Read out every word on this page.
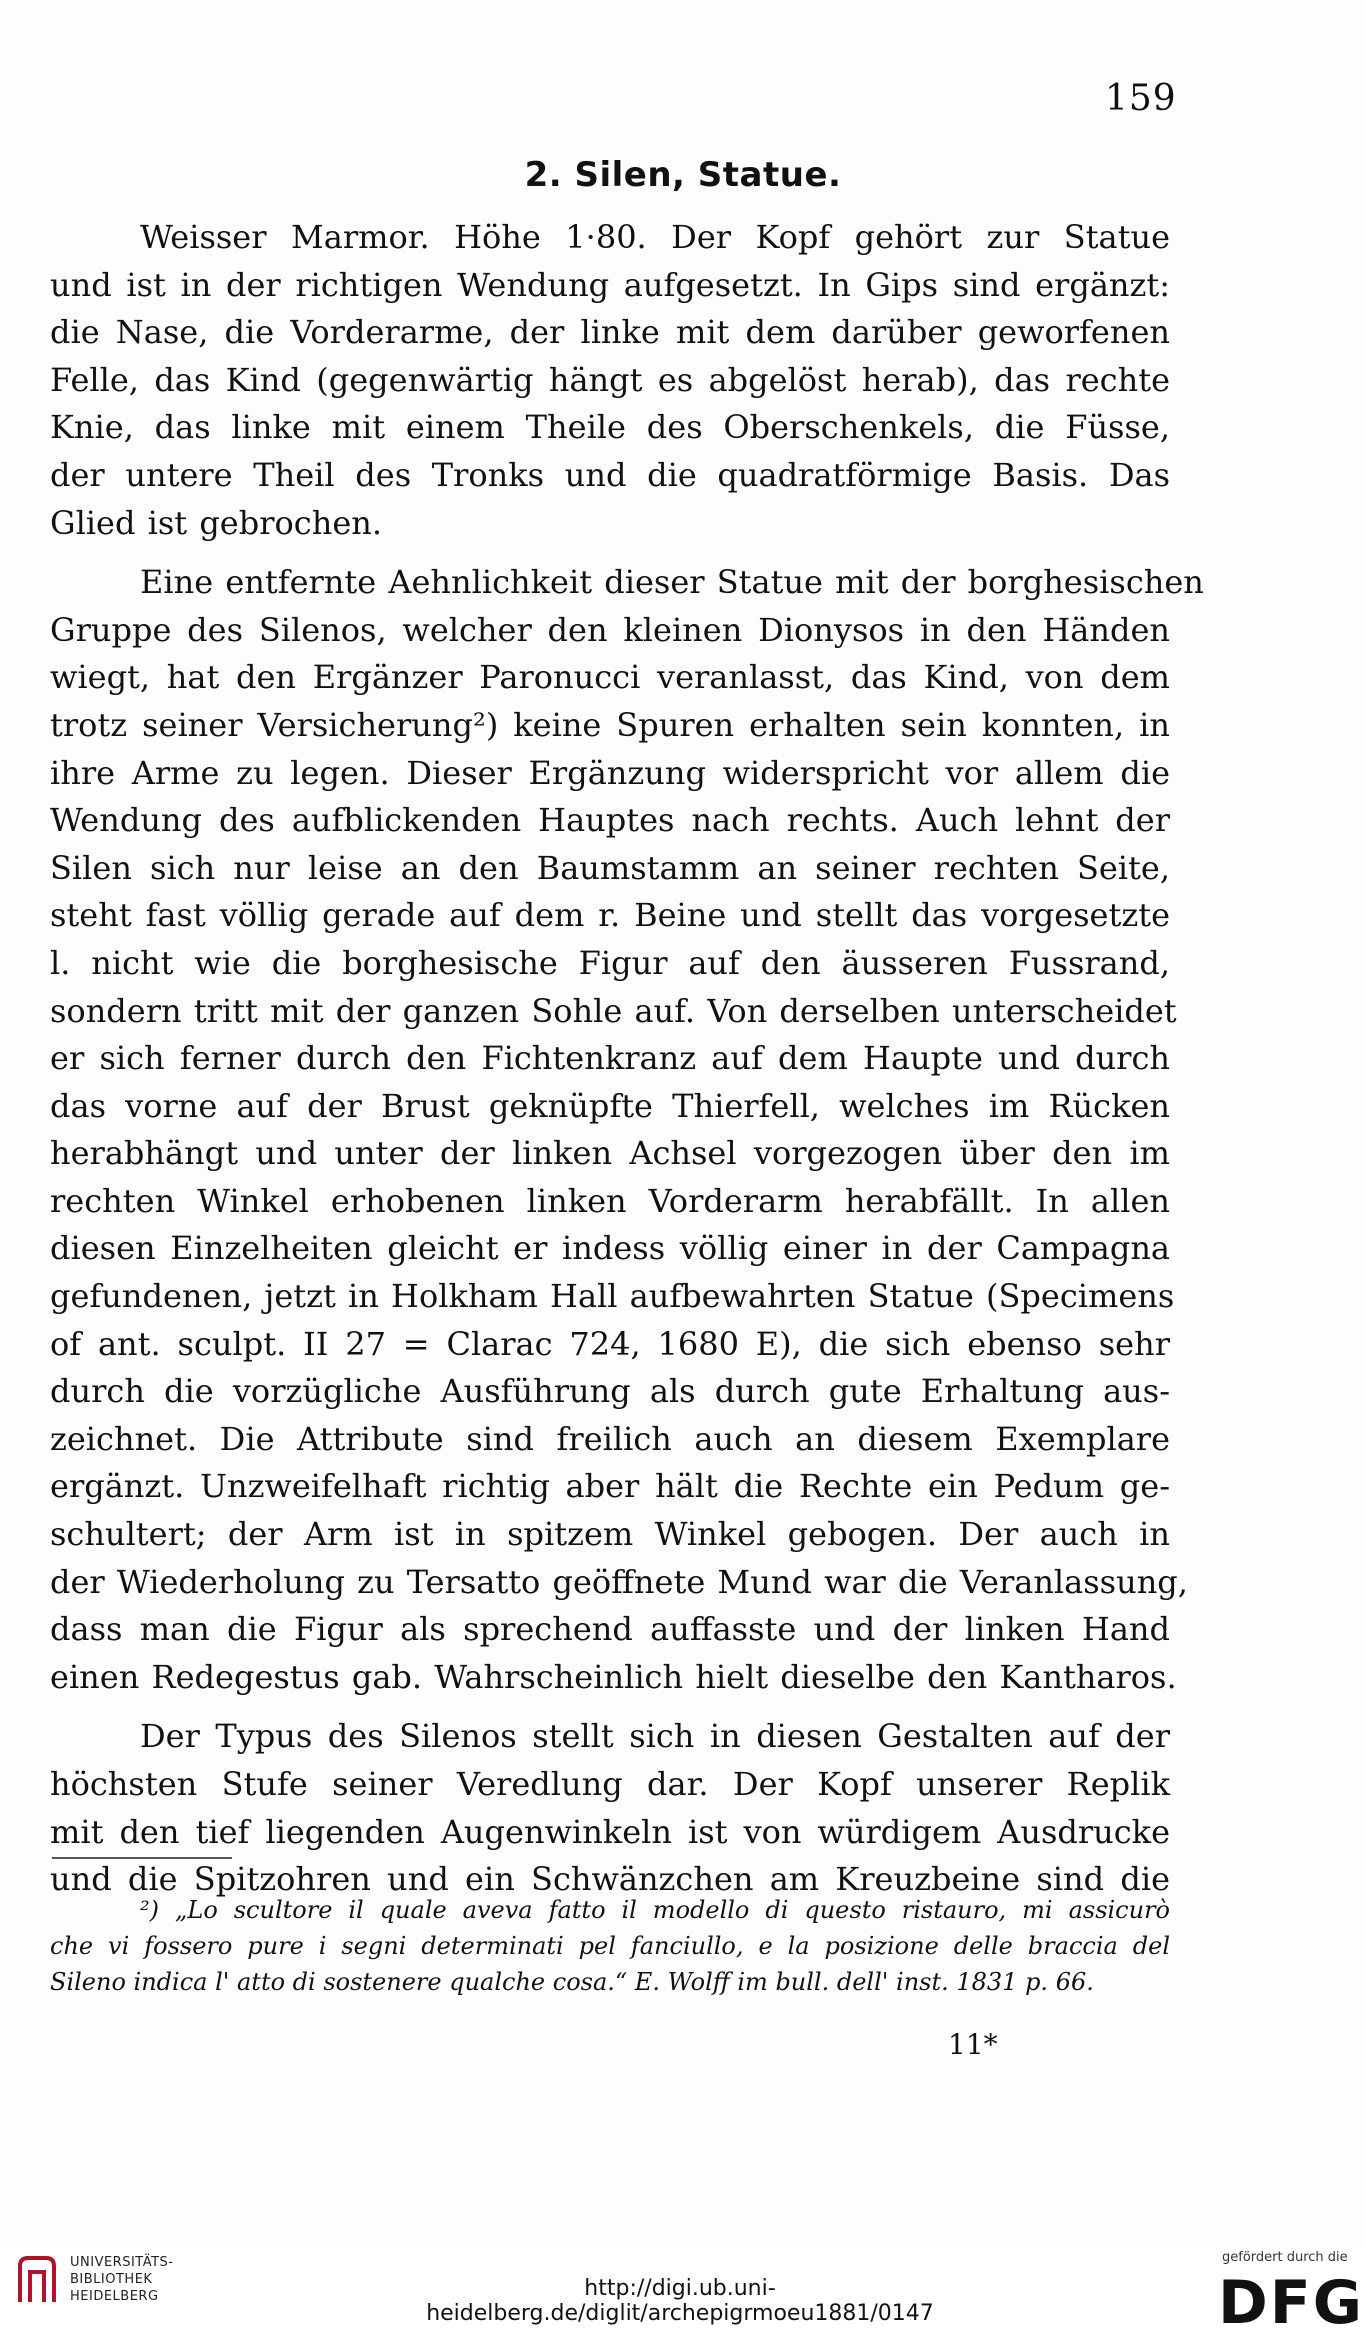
159
2. Silen, Statue.
Weisser Marmor. Höhe 1·80. Der Kopf gehört zur Statue
und ist in der richtigen Wendung aufgesetzt. In Gips sind ergänzt:
die Nase, die Vorderarme, der linke mit dem darüber geworfenen
Felle, das Kind (gegenwärtig hängt es abgelöst herab), das rechte
Knie, das linke mit einem Theile des Oberschenkels, die Füsse,
der untere Theil des Tronks und die quadratförmige Basis. Das
Glied ist gebrochen.
Eine entfernte Aehnlichkeit dieser Statue mit der borghesischen
Gruppe des Silenos, welcher den kleinen Dionysos in den Händen
wiegt, hat den Ergänzer Paronucci veranlasst, das Kind, von dem
trotz seiner Versicherung²) keine Spuren erhalten sein konnten, in
ihre Arme zu legen. Dieser Ergänzung widerspricht vor allem die
Wendung des aufblickenden Hauptes nach rechts. Auch lehnt der
Silen sich nur leise an den Baumstamm an seiner rechten Seite,
steht fast völlig gerade auf dem r. Beine und stellt das vorgesetzte
l. nicht wie die borghesische Figur auf den äusseren Fussrand,
sondern tritt mit der ganzen Sohle auf. Von derselben unterscheidet
er sich ferner durch den Fichtenkranz auf dem Haupte und durch
das vorne auf der Brust geknüpfte Thierfell, welches im Rücken
herabhängt und unter der linken Achsel vorgezogen über den im
rechten Winkel erhobenen linken Vorderarm herabfällt. In allen
diesen Einzelheiten gleicht er indess völlig einer in der Campagna
gefundenen, jetzt in Holkham Hall aufbewahrten Statue (Specimens
of ant. sculpt. II 27 = Clarac 724, 1680 E), die sich ebenso sehr
durch die vorzügliche Ausführung als durch gute Erhaltung aus-
zeichnet. Die Attribute sind freilich auch an diesem Exemplare
ergänzt. Unzweifelhaft richtig aber hält die Rechte ein Pedum ge-
schultert; der Arm ist in spitzem Winkel gebogen. Der auch in
der Wiederholung zu Tersatto geöffnete Mund war die Veranlassung,
dass man die Figur als sprechend auffasste und der linken Hand
einen Redegestus gab. Wahrscheinlich hielt dieselbe den Kantharos.
Der Typus des Silenos stellt sich in diesen Gestalten auf der
höchsten Stufe seiner Veredlung dar. Der Kopf unserer Replik
mit den tief liegenden Augenwinkeln ist von würdigem Ausdrucke
und die Spitzohren und ein Schwänzchen am Kreuzbeine sind die
²) „Lo scultore il quale aveva fatto il modello di questo ristauro, mi assicurò
che vi fossero pure i segni determinati pel fanciullo, e la posizione delle braccia del
Sileno indica l' atto di sostenere qualche cosa.“ E. Wolff im bull. dell' inst. 1831 p. 66.
11*
UNIVERSITÄTS-
BIBLIOTHEK
HEIDELBERG	http://digi.ub.uni-heidelberg.de/diglit/archepigrmoeu1881/0147
gefördert durch die
DFG
